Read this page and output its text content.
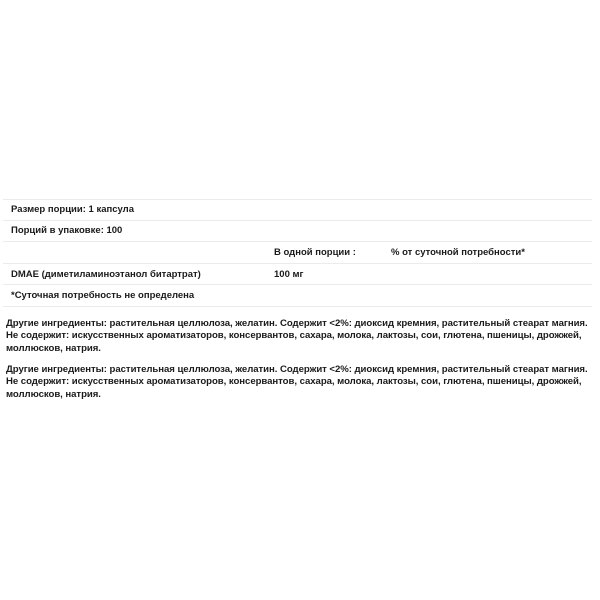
Размер порции: 1 капсула
Порций в упаковке: 100
В одной порции :	% от суточной потребности*
DMAE (диметиламиноэтанол битартрат)	100 мг
*Суточная потребность не определена

Другие ингредиенты: растительная целлюлоза, желатин. Содержит <2%: диоксид кремния, растительный стеарат магния.

Не содержит: искусственных ароматизаторов, консервантов, сахара, молока, лактозы, сои, глютена, пшеницы, дрожжей,

моллюсков, натрия.

Другие ингредиенты: растительная целлюлоза, желатин. Содержит <2%: диоксид кремния, растительный стеарат магния.

Не содержит: искусственных ароматизаторов, консервантов, сахара, молока, лактозы, сои, глютена, пшеницы, дрожжей,

моллюсков, натрия.
